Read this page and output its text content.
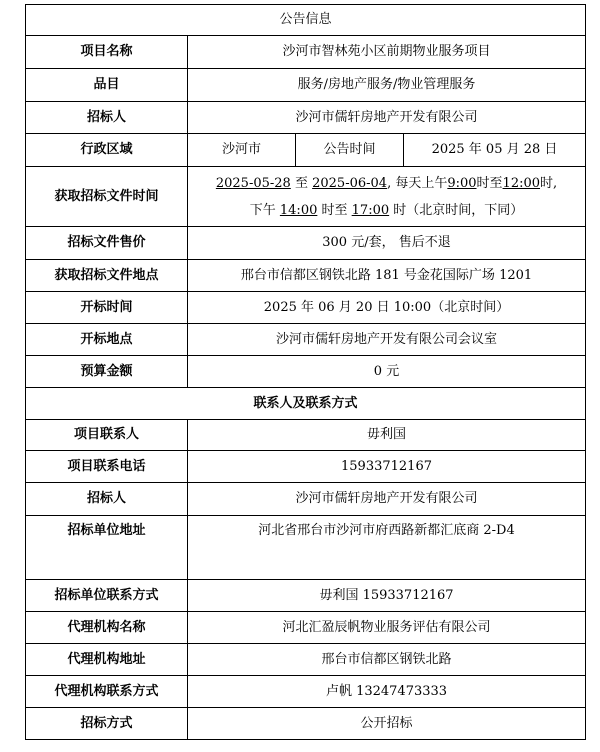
公告信息			
项目名称	沙河市智林苑小区前期物业服务项目		
品目	服务/房地产服务/物业管理服务		
招标人	沙河市儒轩房地产开发有限公司		
行政区域	沙河市	公告时间	2025 年 05 月 28 日
获取招标文件时间	2025-05-28 至 2025-06-04, 每天上午9:00时至12:00时,
下午 14:00 时至 17:00 时（北京时间，下同）		

招标文件售价	300 元/套， 售后不退		
获取招标文件地点	邢台市信都区钢铁北路 181 号金花国际广场 1201		
开标时间	2025 年 06 月 20 日 10:00（北京时间）		
开标地点	沙河市儒轩房地产开发有限公司会议室		
预算金额	0 元		
联系人及联系方式			
项目联系人	毋利国		
项目联系电话	15933712167		
招标人	沙河市儒轩房地产开发有限公司		
招标单位地址	河北省邢台市沙河市府西路新都汇底商 2-D4		
招标单位联系方式	毋利国 15933712167		
代理机构名称	河北汇盈辰帆物业服务评估有限公司		
代理机构地址	邢台市信都区钢铁北路		
代理机构联系方式	卢帆 13247473333		
招标方式	公开招标		
